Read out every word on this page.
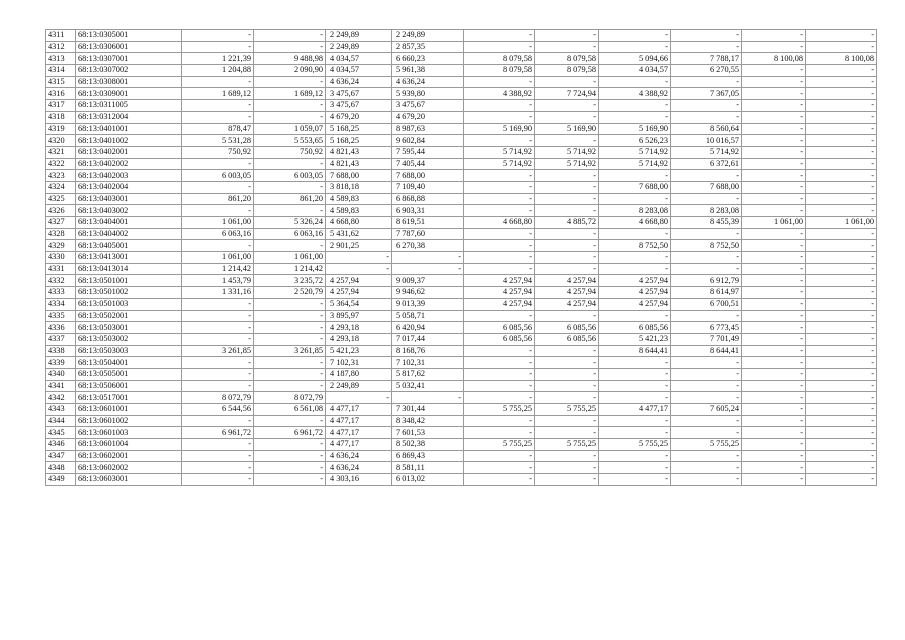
4311	68:13:0305001	-	-	2 249,89	2 249,89	-	-	-	-	-	-
4312	68:13:0306001	-	-	2 249,89	2 857,35	-	-	-	-	-	-
4313	68:13:0307001	1 221,39	9 488,98	4 034,57	6 660,23	8 079,58	8 079,58	5 094,66	7 788,17	8 100,08	8 100,08
4314	68:13:0307002	1 204,88	2 090,90	4 034,57	5 961,38	8 079,58	8 079,58	4 034,57	6 270,55	-	-
4315	68:13:0308001	-	-	4 636,24	4 636,24	-	-	-	-	-	-
4316	68:13:0309001	1 689,12	1 689,12	3 475,67	5 939,80	4 388,92	7 724,94	4 388,92	7 367,05	-	-
4317	68:13:0311005	-	-	3 475,67	3 475,67	-	-	-	-	-	-
4318	68:13:0312004	-	-	4 679,20	4 679,20	-	-	-	-	-	-
4319	68:13:0401001	878,47	1 059,07	5 168,25	8 987,63	5 169,90	5 169,90	5 169,90	8 560,64	-	-
4320	68:13:0401002	5 531,28	5 553,65	5 168,25	9 602,84	-	-	6 526,23	10 016,57	-	-
4321	68:13:0402001	750,92	750,92	4 821,43	7 595,44	5 714,92	5 714,92	5 714,92	5 714,92	-	-
4322	68:13:0402002	-	-	4 821,43	7 405,44	5 714,92	5 714,92	5 714,92	6 372,61	-	-
4323	68:13:0402003	6 003,05	6 003,05	7 688,00	7 688,00	-	-	-	-	-	-
4324	68:13:0402004	-	-	3 818,18	7 109,40	-	-	7 688,00	7 688,00	-	-
4325	68:13:0403001	861,20	861,20	4 589,83	6 868,88	-	-	-	-	-	-
4326	68:13:0403002	-	-	4 589,83	6 903,31	-	-	8 283,08	8 283,08	-	-
4327	68:13:0404001	1 061,00	5 326,24	4 668,80	8 619,51	4 668,80	4 885,72	4 668,80	8 455,39	1 061,00	1 061,00
4328	68:13:0404002	6 063,16	6 063,16	5 431,62	7 787,60	-	-	-	-	-	-
4329	68:13:0405001	-	-	2 901,25	6 270,38	-	-	8 752,50	8 752,50	-	-
4330	68:13:0413001	1 061,00	1 061,00	-	-	-	-	-	-	-	-
4331	68:13:0413014	1 214,42	1 214,42	-	-	-	-	-	-	-	-
4332	68:13:0501001	1 453,79	3 235,72	4 257,94	9 009,37	4 257,94	4 257,94	4 257,94	6 912,79	-	-
4333	68:13:0501002	1 331,16	2 520,79	4 257,94	9 946,62	4 257,94	4 257,94	4 257,94	8 614,97	-	-
4334	68:13:0501003	-	-	5 364,54	9 013,39	4 257,94	4 257,94	4 257,94	6 700,51	-	-
4335	68:13:0502001	-	-	3 895,97	5 058,71	-	-	-	-	-	-
4336	68:13:0503001	-	-	4 293,18	6 420,94	6 085,56	6 085,56	6 085,56	6 773,45	-	-
4337	68:13:0503002	-	-	4 293,18	7 017,44	6 085,56	6 085,56	5 421,23	7 701,49	-	-
4338	68:13:0503003	3 261,85	3 261,85	5 421,23	8 168,76	-	-	8 644,41	8 644,41	-	-
4339	68:13:0504001	-	-	7 102,31	7 102,31	-	-	-	-	-	-
4340	68:13:0505001	-	-	4 187,80	5 817,62	-	-	-	-	-	-
4341	68:13:0506001	-	-	2 249,89	5 032,41	-	-	-	-	-	-
4342	68:13:0517001	8 072,79	8 072,79	-	-	-	-	-	-	-	-
4343	68:13:0601001	6 544,56	6 561,08	4 477,17	7 301,44	5 755,25	5 755,25	4 477,17	7 605,24	-	-
4344	68:13:0601002	-	-	4 477,17	8 348,42	-	-	-	-	-	-
4345	68:13:0601003	6 961,72	6 961,72	4 477,17	7 601,53	-	-	-	-	-	-
4346	68:13:0601004	-	-	4 477,17	8 502,38	5 755,25	5 755,25	5 755,25	5 755,25	-	-
4347	68:13:0602001	-	-	4 636,24	6 869,43	-	-	-	-	-	-
4348	68:13:0602002	-	-	4 636,24	8 581,11	-	-	-	-	-	-
4349	68:13:0603001	-	-	4 303,16	6 013,02	-	-	-	-	-	-
